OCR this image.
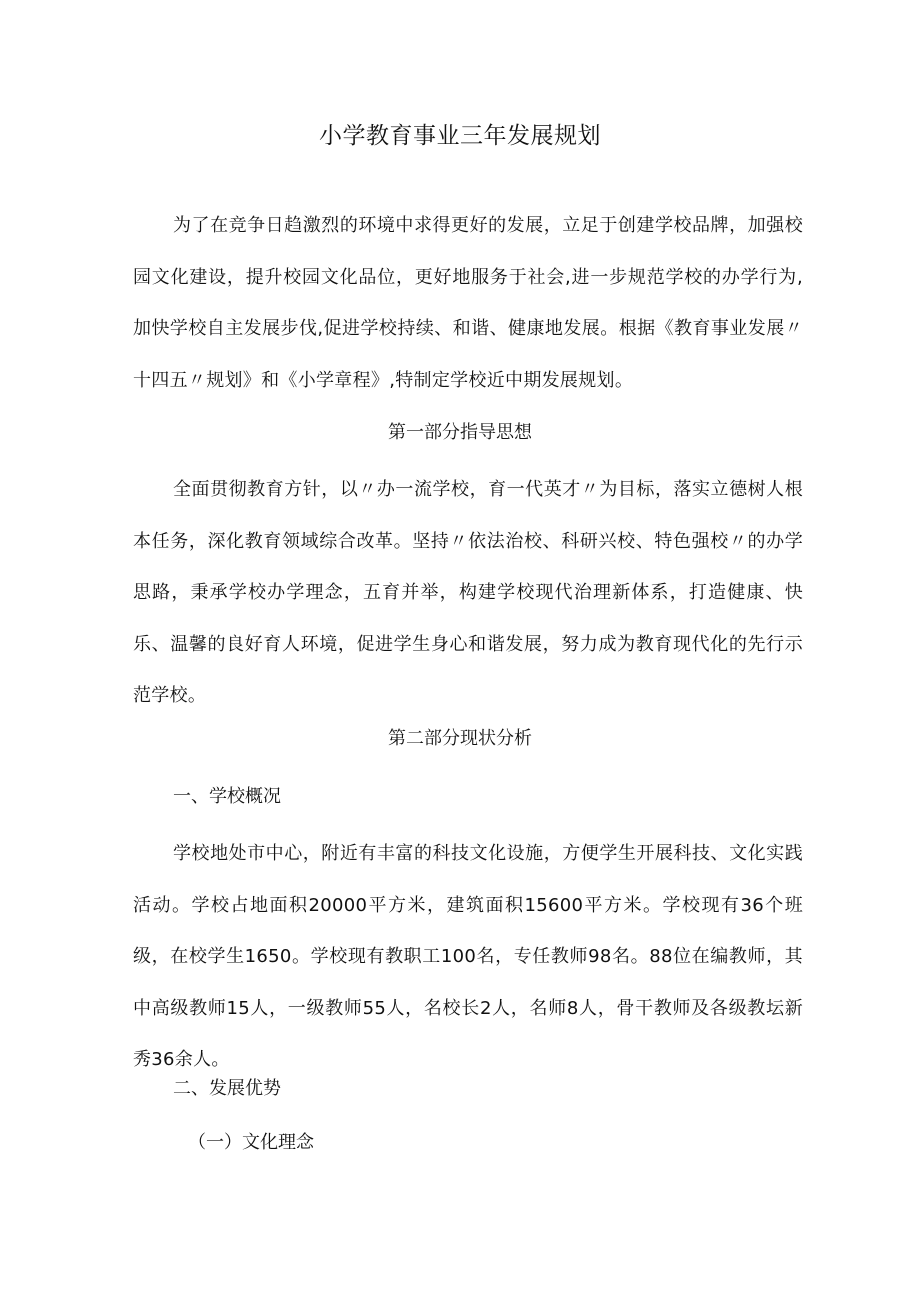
小学教育事业三年发展规划

为了在竞争日趋激烈的环境中求得更好的发展，立足于创建学校品牌，加强校园文化建设，提升校园文化品位，更好地服务于社会,进一步规范学校的办学行为,加快学校自主发展步伐,促进学校持续、和谐、健康地发展。根据《教育事业发展〃十四五〃规划》和《小学章程》,特制定学校近中期发展规划。

第一部分指导思想

全面贯彻教育方针，以〃办一流学校，育一代英才〃为目标，落实立德树人根本任务，深化教育领域综合改革。坚持〃依法治校、科研兴校、特色强校〃的办学思路，秉承学校办学理念，五育并举，构建学校现代治理新体系，打造健康、快乐、温馨的良好育人环境，促进学生身心和谐发展，努力成为教育现代化的先行示范学校。

第二部分现状分析
一、学校概况

学校地处市中心，附近有丰富的科技文化设施，方便学生开展科技、文化实践活动。学校占地面积20000平方米，建筑面积15600平方米。学校现有36个班级，在校学生1650。学校现有教职工100名，专任教师98名。88位在编教师，其中高级教师15人，一级教师55人，名校长2人，名师8人，骨干教师及各级教坛新秀36余人。

二、发展优势
（一）文化理念
